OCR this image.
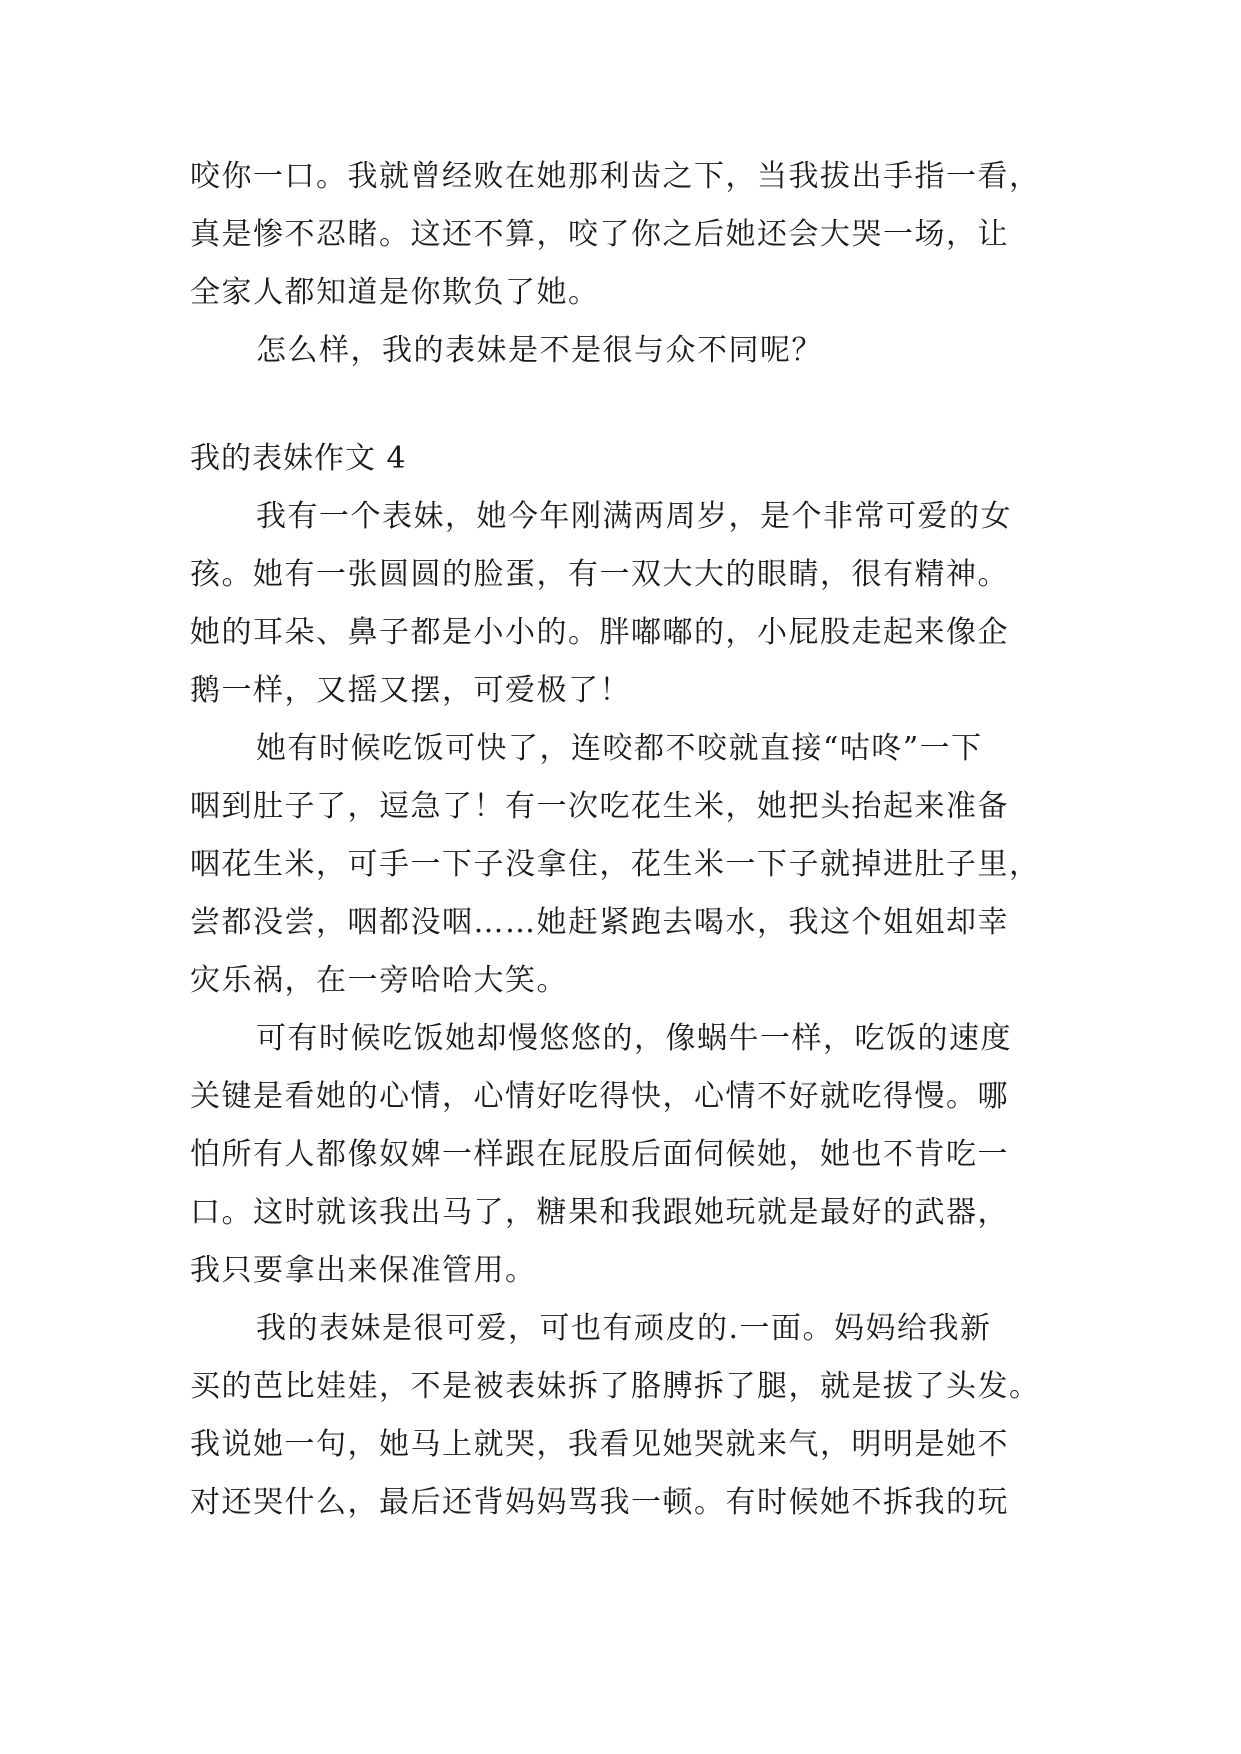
咬你一口。我就曾经败在她那利齿之下，当我拔出手指一看，
真是惨不忍睹。这还不算，咬了你之后她还会大哭一场，让
全家人都知道是你欺负了她。
怎么样，我的表妹是不是很与众不同呢？
我的表妹作文 4
我有一个表妹，她今年刚满两周岁，是个非常可爱的女
孩。她有一张圆圆的脸蛋，有一双大大的眼睛，很有精神。
她的耳朵、鼻子都是小小的。胖嘟嘟的，小屁股走起来像企
鹅一样，又摇又摆，可爱极了！
她有时候吃饭可快了，连咬都不咬就直接“咕咚”一下
咽到肚子了，逗急了！有一次吃花生米，她把头抬起来准备
咽花生米，可手一下子没拿住，花生米一下子就掉进肚子里，
尝都没尝，咽都没咽……她赶紧跑去喝水，我这个姐姐却幸
灾乐祸，在一旁哈哈大笑。
可有时候吃饭她却慢悠悠的，像蜗牛一样，吃饭的速度
关键是看她的心情，心情好吃得快，心情不好就吃得慢。哪
怕所有人都像奴婢一样跟在屁股后面伺候她，她也不肯吃一
口。这时就该我出马了，糖果和我跟她玩就是最好的武器，
我只要拿出来保准管用。
我的表妹是很可爱，可也有顽皮的.一面。妈妈给我新
买的芭比娃娃，不是被表妹拆了胳膊拆了腿，就是拔了头发。
我说她一句，她马上就哭，我看见她哭就来气，明明是她不
对还哭什么，最后还背妈妈骂我一顿。有时候她不拆我的玩
